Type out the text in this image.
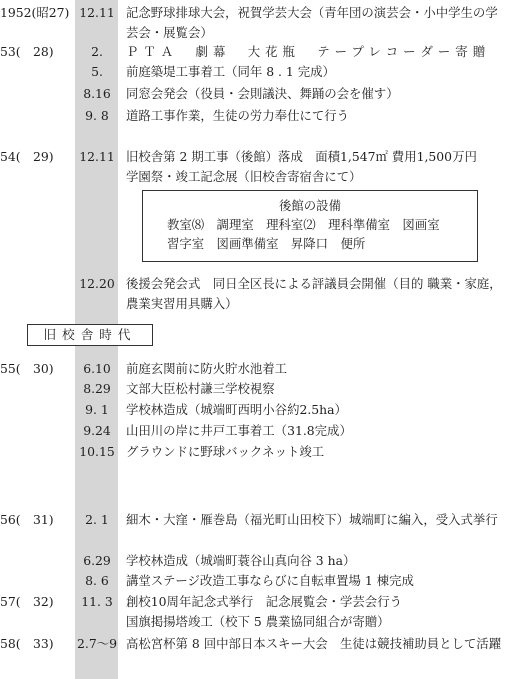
1952(昭27) 12.11 記念野球排球大会，祝賀学芸大会（青年団の演芸会・小中学生の学芸会・展覧会）
53(　28)	2.	ＰＴＡ　劇幕　大花瓶　テープレコーダー寄贈
5.	前庭築堤工事着工（同年 8 . 1 完成）
8.16	同窓会発会（役員・会則議決、舞踊の会を催す）
9. 8	道路工事作業，生徒の労力奉仕にて行う
54(　29)	12.11 旧校舎第 2 期工事（後館）落成　面積1,547㎡ 費用1,500万円
学園祭・竣工記念展（旧校舎寄宿舎にて）
後館の設備
教室⑻　調理室　理科室⑵　理科準備室　図画室
習字室　図画準備室　昇降口　便所
12.20 後援会発会式　同日全区長による評議員会開催（目的 職業・家庭，農業実習用具購入）
旧校舎時代
55(　30)	6.10	前庭玄関前に防火貯水池着工
8.29	文部大臣松村謙三学校視察
9. 1	学校林造成（城端町西明小谷約2.5ha）
9.24	山田川の岸に井戸工事着工（31.8完成）
10.15 グラウンドに野球バックネット竣工
56(　31)	2. 1	細木・大窪・雁巻島（福光町山田校下）城端町に編入，受入式挙行
6.29	学校林造成（城端町蓑谷山真向谷 3 ha）
8. 6	講堂ステージ改造工事ならびに自転車置場 1 棟完成
57(　32)	11. 3	創校10周年記念式挙行　記念展覧会・学芸会行う
国旗掲揚塔竣工（校下 5 農業協同組合が寄贈）
58(　33)	2.7～9 高松宮杯第 8 回中部日本スキー大会　生徒は競技補助員として活躍
